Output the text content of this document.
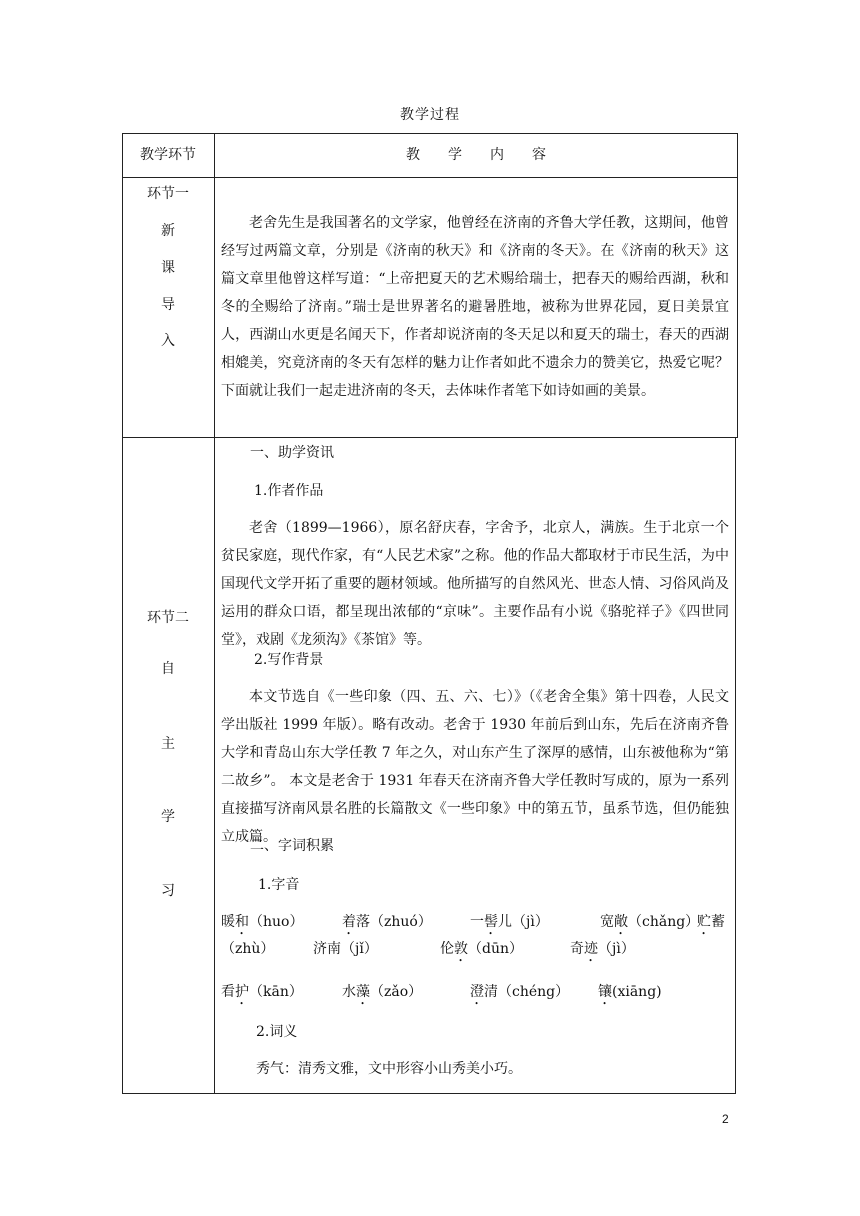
教学过程
教学环节	教　　学　　内　　容
环节一
新
课
导
入
老舍先生是我国著名的文学家，他曾经在济南的齐鲁大学任教，这期间，他曾经写过两篇文章，分别是《济南的秋天》和《济南的冬天》。在《济南的秋天》这篇文章里他曾这样写道：“上帝把夏天的艺术赐给瑞士，把春天的赐给西湖，秋和冬的全赐给了济南。”瑞士是世界著名的避暑胜地，被称为世界花园，夏日美景宜人，西湖山水更是名闻天下，作者却说济南的冬天足以和夏天的瑞士，春天的西湖相媲美，究竟济南的冬天有怎样的魅力让作者如此不遗余力的赞美它，热爱它呢？下面就让我们一起走进济南的冬天，去体味作者笔下如诗如画的美景。
环节二
自
主
学
习
一、助学资讯
1.作者作品
老舍（1899—1966），原名舒庆春，字舍予，北京人，满族。生于北京一个贫民家庭，现代作家，有“人民艺术家”之称。他的作品大都取材于市民生活，为中国现代文学开拓了重要的题材领域。他所描写的自然风光、世态人情、习俗风尚及运用的群众口语，都呈现出浓郁的“京味”。主要作品有小说《骆驼祥子》《四世同堂》，戏剧《龙须沟》《茶馆》等。
2.写作背景
本文节选自《一些印象（四、五、六、七）》（《老舍全集》第十四卷，人民文学出版社 1999 年版）。略有改动。老舍于 1930 年前后到山东，先后在济南齐鲁大学和青岛山东大学任教 7 年之久，对山东产生了深厚的感情，山东被他称为“第二故乡”。 本文是老舍于 1931 年春天在济南齐鲁大学任教时写成的，原为一系列直接描写济南风景名胜的长篇散文《一些印象》中的第五节，虽系节选，但仍能独立成篇。
二、字词积累
1.字音
暖和（huo）	着落（zhuó）	一髻儿（jì）	宽敞（chǎng）
贮蓄
（zhù）	济南（jǐ）	伦敦（dūn）	奇迹（jì）
看护（kān）	水藻（zǎo）	澄清（chéng） 镶(xiāng)
2.词义
秀气：清秀文雅，文中形容小山秀美小巧。
2
